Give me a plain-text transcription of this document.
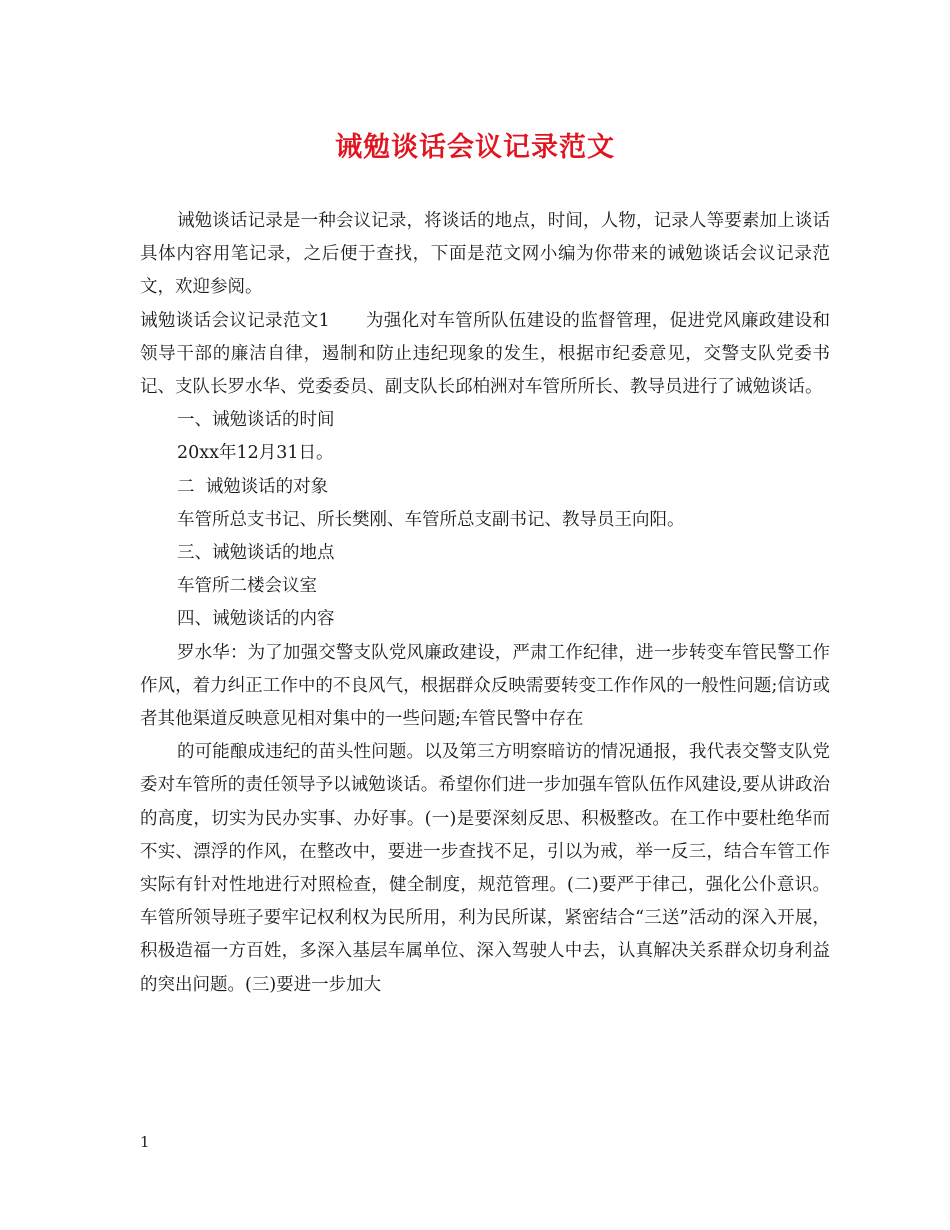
诫勉谈话会议记录范文

诫勉谈话记录是一种会议记录，将谈话的地点，时间，人物，记录人等要素加上谈话具体内容用笔记录，之后便于查找，下面是范文网小编为你带来的诫勉谈话会议记录范文，欢迎参阅。

诫勉谈话会议记录范文1　　为强化对车管所队伍建设的监督管理，促进党风廉政建设和领导干部的廉洁自律，遏制和防止违纪现象的发生，根据市纪委意见，交警支队党委书记、支队长罗水华、党委委员、副支队长邱柏洲对车管所所长、教导员进行了诫勉谈话。

一、诫勉谈话的时间

20xx年12月31日。

二  诫勉谈话的对象

车管所总支书记、所长樊刚、车管所总支副书记、教导员王向阳。

三、诫勉谈话的地点

车管所二楼会议室

四、诫勉谈话的内容

罗水华：为了加强交警支队党风廉政建设，严肃工作纪律，进一步转变车管民警工作作风，着力纠正工作中的不良风气，根据群众反映需要转变工作作风的一般性问题;信访或者其他渠道反映意见相对集中的一些问题;车管民警中存在

的可能酿成违纪的苗头性问题。以及第三方明察暗访的情况通报，我代表交警支队党委对车管所的责任领导予以诫勉谈话。希望你们进一步加强车管队伍作风建设,要从讲政治的高度，切实为民办实事、办好事。(一)是要深刻反思、积极整改。在工作中要杜绝华而不实、漂浮的作风，在整改中，要进一步查找不足，引以为戒，举一反三，结合车管工作实际有针对性地进行对照检查，健全制度，规范管理。(二)要严于律己，强化公仆意识。车管所领导班子要牢记权利权为民所用，利为民所谋，紧密结合“三送”活动的深入开展，积极造福一方百姓，多深入基层车属单位、深入驾驶人中去，认真解决关系群众切身利益的突出问题。(三)要进一步加大

1
